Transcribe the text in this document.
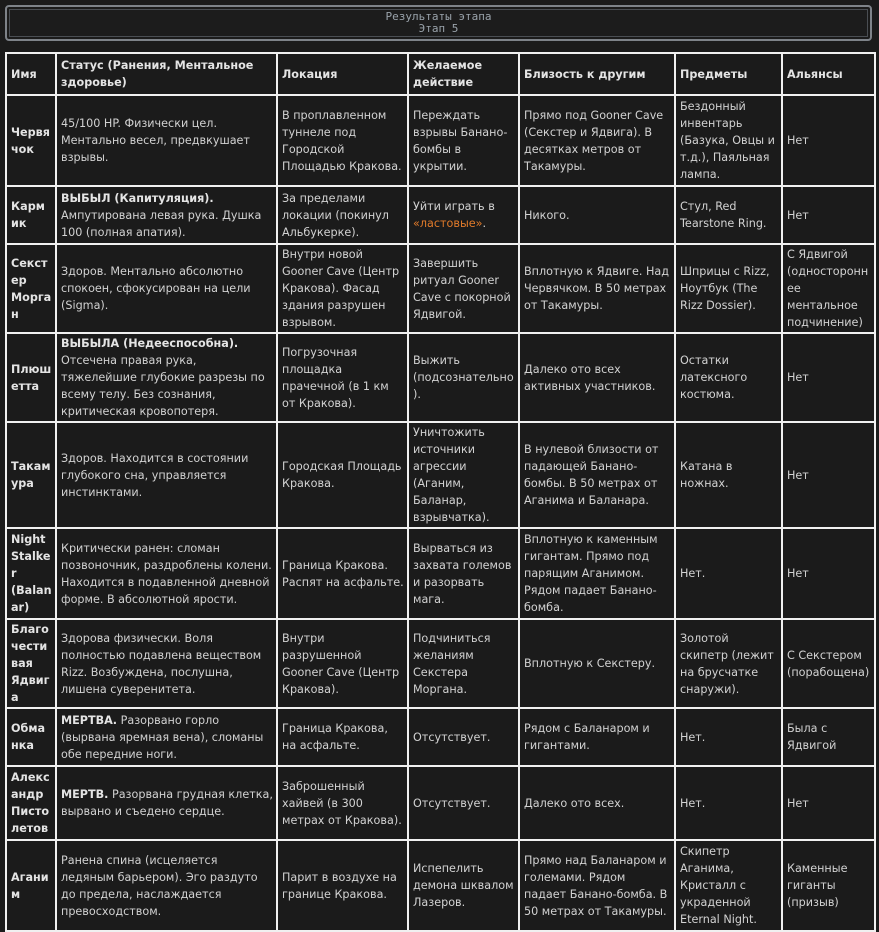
Результаты этапа
Этап 5
Имя	Статус (Ранения, Ментальное здоровье)	Локация	Желаемое действие	Близость к другим	Предметы	Альянсы
Червячок	45/100 HP. Физически цел. Ментально весел, предвкушает взрывы.	В проплавленном туннеле под Городской Площадью Кракова.	Переждать взрывы Банано-бомбы в укрытии.	Прямо под Gooner Cave (Секстер и Ядвига). В десятках метров от Такамуры.	Бездонный инвентарь (Базука, Овцы и т.д.), Паяльная лампа.	Нет
Кармик	ВЫБЫЛ (Капитуляция). Ампутирована левая рука. Душка 100 (полная апатия).	За пределами локации (покинул Альбукерке).	Уйти играть в «ластовые».	Никого.	Стул, Red Tearstone Ring.	Нет
Секстер Морган	Здоров. Ментально абсолютно спокоен, сфокусирован на цели (Sigma).	Внутри новой Gooner Cave (Центр Кракова). Фасад здания разрушен взрывом.	Завершить ритуал Gooner Cave с покорной Ядвигой.	Вплотную к Ядвиге. Над Червячком. В 50 метрах от Такамуры.	Шприцы с Rizz, Ноутбук (The Rizz Dossier).	С Ядвигой (одностороннее ментальное подчинение)
Плюшетта	ВЫБЫЛА (Недееспособна). Отсечена правая рука, тяжелейшие глубокие разрезы по всему телу. Без сознания, критическая кровопотеря.	Погрузочная площадка прачечной (в 1 км от Кракова).	Выжить (подсознательно).	Далеко ото всех активных участников.	Остатки латексного костюма.	Нет
Такамура	Здоров. Находится в состоянии глубокого сна, управляется инстинктами.	Городская Площадь Кракова.	Уничтожить источники агрессии (Аганим, Баланар, взрывчатка).	В нулевой близости от падающей Банано-бомбы. В 50 метрах от Аганима и Баланара.	Катана в ножнах.	Нет
Night Stalker (Balanar)	Критически ранен: сломан позвоночник, раздроблены колени. Находится в подавленной дневной форме. В абсолютной ярости.	Граница Кракова. Распят на асфальте.	Вырваться из захвата големов и разорвать мага.	Вплотную к каменным гигантам. Прямо под парящим Аганимом. Рядом падает Банано-бомба.	Нет.	Нет
Благочестивая Ядвига	Здорова физически. Воля полностью подавлена веществом Rizz. Возбуждена, послушна, лишена суверенитета.	Внутри разрушенной Gooner Cave (Центр Кракова).	Подчиниться желаниям Секстера Моргана.	Вплотную к Секстеру.	Золотой скипетр (лежит на брусчатке снаружи).	С Секстером (порабощена)
Обманка	МЕРТВА. Разорвано горло (вырвана яремная вена), сломаны обе передние ноги.	Граница Кракова, на асфальте.	Отсутствует.	Рядом с Баланаром и гигантами.	Нет.	Была с Ядвигой
Александр Пистолетов	МЕРТВ. Разорвана грудная клетка, вырвано и съедено сердце.	Заброшенный хайвей (в 300 метрах от Кракова).	Отсутствует.	Далеко ото всех.	Нет.	Нет
Аганим	Ранена спина (исцеляется ледяным барьером). Эго раздуто до предела, наслаждается превосходством.	Парит в воздухе на границе Кракова.	Испепелить демона шквалом Лазеров.	Прямо над Баланаром и големами. Рядом падает Банано-бомба. В 50 метрах от Такамуры.	Скипетр Аганима, Кристалл с украденной Eternal Night.	Каменные гиганты (призыв)
